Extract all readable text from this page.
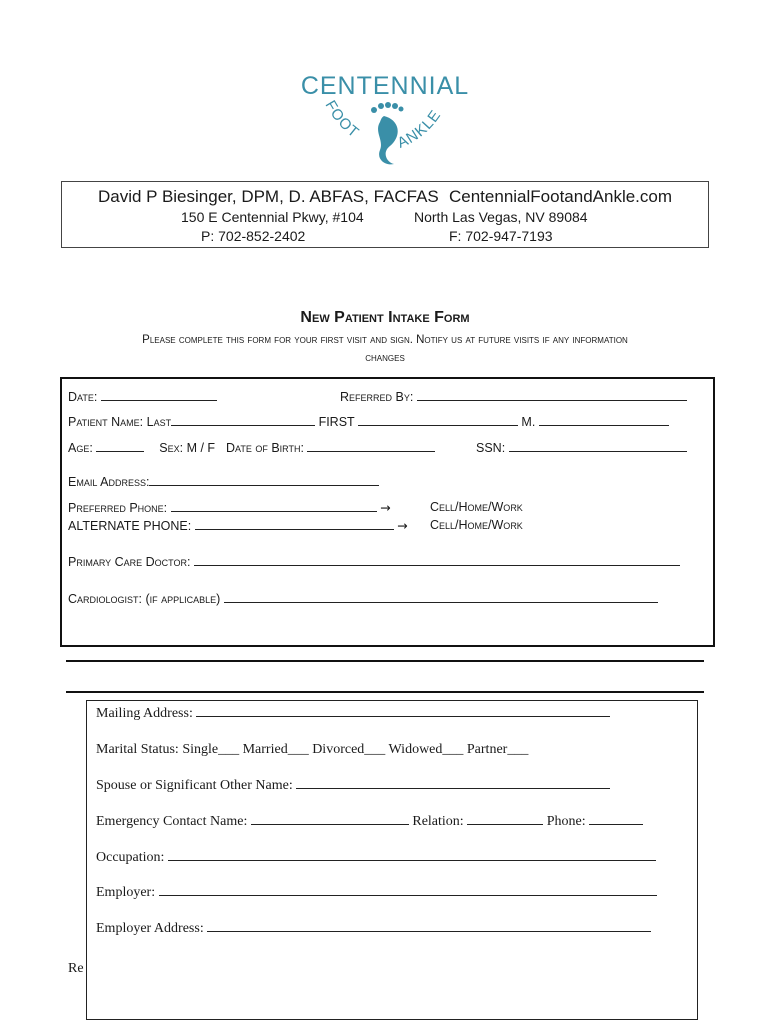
CENTENNIAL
FOOT ANKLE
David P Biesinger, DPM, D. ABFAS, FACFAS CentennialFootandAnkle.com
150 E Centennial Pkwy, #104	North Las Vegas, NV 89084
P: 702-852-2402	F: 702-947-7193
New Patient Intake Form
Please complete this form for your first visit and sign. Notify us at future visits if any information
changes
Date:	Referred By:
Patient Name: Last	FIRST	M.
Age:	Sex: M / F Date of Birth:	SSN:
Email Address:
Preferred Phone:	→	Cell/Home/Work
ALTERNATE PHONE:	→ Cell/Home/Work
Primary Care Doctor:
Cardiologist: (if applicable)
Mailing Address:
Marital Status: Single___ Married___ Divorced___ Widowed___ Partner___
Spouse or Significant Other Name:
Emergency Contact Name:	Relation:	Phone:
Occupation:
Employer:
Employer Address:
Re
